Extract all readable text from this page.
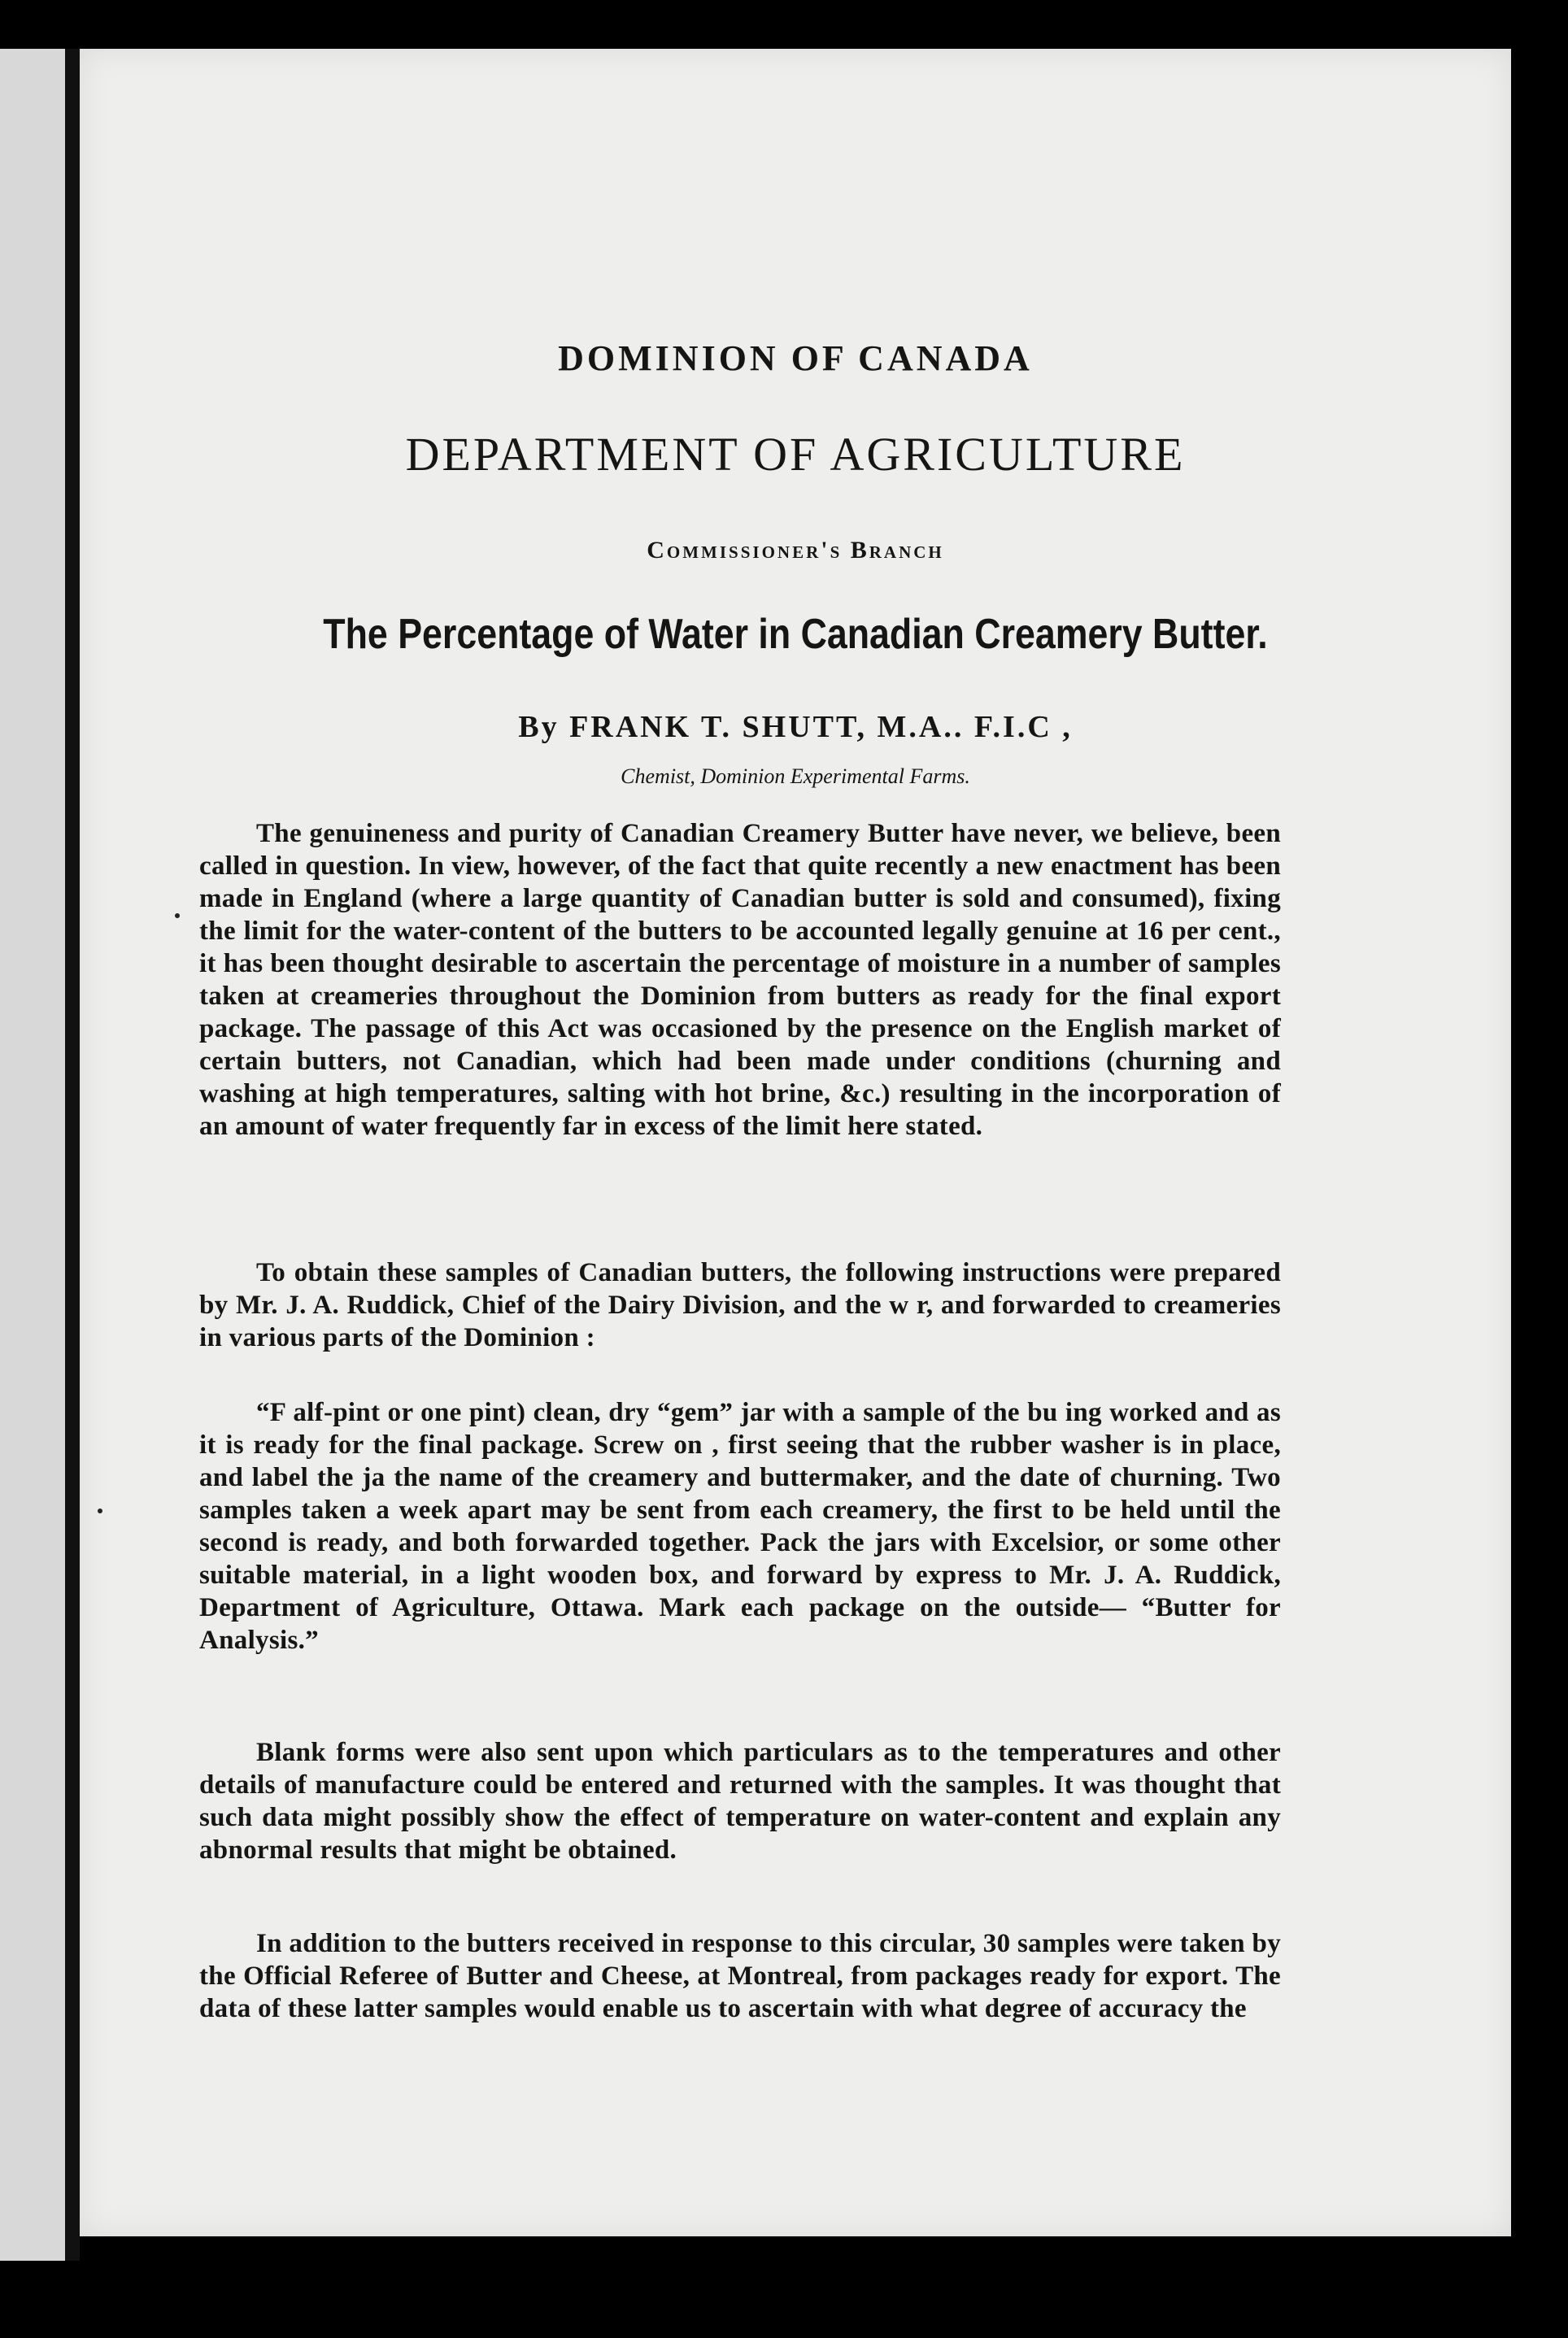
DOMINION OF CANADA
DEPARTMENT OF AGRICULTURE
Commissioner's Branch
The Percentage of Water in Canadian Creamery Butter.
By FRANK T. SHUTT, M.A.. F.I.C ,
Chemist, Dominion Experimental Farms.
The genuineness and purity of Canadian Creamery Butter have never, we believe, been called in question. In view, however, of the fact that quite recently a new enactment has been made in England (where a large quantity of Canadian butter is sold and consumed), fixing the limit for the water-content of the butters to be accounted legally genuine at 16 per cent., it has been thought desirable to ascertain the percentage of moisture in a number of samples taken at creameries throughout the Dominion from butters as ready for the final export package. The passage of this Act was occasioned by the presence on the English market of certain butters, not Canadian, which had been made under conditions (churning and washing at high temperatures, salting with hot brine, &c.) resulting in the incorporation of an amount of water frequently far in excess of the limit here stated.
To obtain these samples of Canadian butters, the following instructions were prepared by Mr. J. A. Ruddick, Chief of the Dairy Division, and the w r, and forwarded to creameries in various parts of the Dominion :
“F alf-pint or one pint) clean, dry “gem” jar with a sample of the bu ing worked and as it is ready for the final package. Screw on , first seeing that the rubber washer is in place, and label the ja the name of the creamery and buttermaker, and the date of churning. Two samples taken a week apart may be sent from each creamery, the first to be held until the second is ready, and both forwarded together. Pack the jars with Excelsior, or some other suitable material, in a light wooden box, and forward by express to Mr. J. A. Ruddick, Department of Agriculture, Ottawa. Mark each package on the outside— “Butter for Analysis.”
Blank forms were also sent upon which particulars as to the temperatures and other details of manufacture could be entered and returned with the samples. It was thought that such data might possibly show the effect of temperature on water-content and explain any abnormal results that might be obtained.
In addition to the butters received in response to this circular, 30 samples were taken by the Official Referee of Butter and Cheese, at Montreal, from packages ready for export. The data of these latter samples would enable us to ascertain with what degree of accuracy the
